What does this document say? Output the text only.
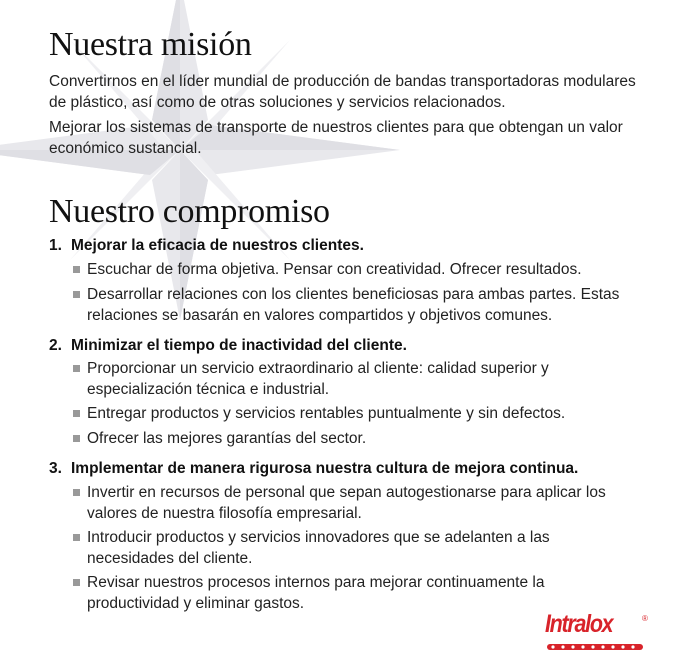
Nuestra misión

Convertirnos en el líder mundial de producción de bandas transportadoras modulares de plástico, así como de otras soluciones y servicios relacionados.

Mejorar los sistemas de transporte de nuestros clientes para que obtengan un valor económico sustancial.

Nuestro compromiso

1. Mejorar la eficacia de nuestros clientes.

Escuchar de forma objetiva. Pensar con creatividad. Ofrecer resultados.
Desarrollar relaciones con los clientes beneficiosas para ambas partes. Estas relaciones se basarán en valores compartidos y objetivos comunes.

2. Minimizar el tiempo de inactividad del cliente.

Proporcionar un servicio extraordinario al cliente: calidad superior y especialización técnica e industrial.
Entregar productos y servicios rentables puntualmente y sin defectos.
Ofrecer las mejores garantías del sector.

3. Implementar de manera rigurosa nuestra cultura de mejora continua.

Invertir en recursos de personal que sepan autogestionarse para aplicar los valores de nuestra filosofía empresarial.
Introducir productos y servicios innovadores que se adelanten a las necesidades del cliente.
Revisar nuestros procesos internos para mejorar continuamente la productividad y eliminar gastos.
Intralox	®
